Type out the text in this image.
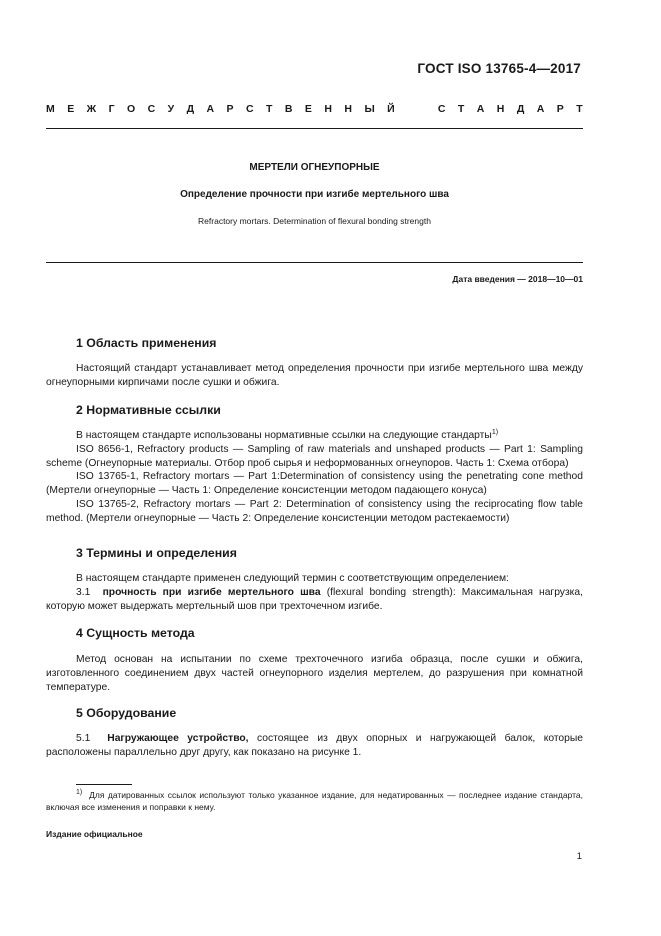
ГОСТ ISO 13765-4—2017
М Е Ж Г О С У Д А Р С Т В Е Н Н Ы Й

	С Т А Н Д А Р Т
МЕРТЕЛИ ОГНЕУПОРНЫЕ
Определение прочности при изгибе мертельного шва
Refractory mortars. Determination of flexural bonding strength
Дата введения — 2018—10—01
1 Область применения

Настоящий стандарт устанавливает метод определения прочности при изгибе мертельного шва между огнеупорными кирпичами после сушки и обжига.

2 Нормативные ссылки

В настоящем стандарте использованы нормативные ссылки на следующие стандарты$^{1)}$

ISO 8656-1, Refractory products — Sampling of raw materials and unshaped products — Part 1: Sampling scheme (Огнеупорные материалы. Отбор проб сырья и неформованных огнеупоров. Часть 1: Схема отбора)

ISO 13765-1, Refractory mortars — Part 1:Determination of consistency using the penetrating cone method (Мертели огнеупорные — Часть 1: Определение консистенции методом падающего конуса)

ISO 13765-2, Refractory mortars — Part 2: Determination of consistency using the reciprocating flow table method. (Мертели огнеупорные — Часть 2: Определение консистенции методом растекаемости)

3 Термины и определения

В настоящем стандарте применен следующий термин с соответствующим определением:

3.1 прочность при изгибе мертельного шва (flexural bonding strength): Максимальная нагрузка, которую может выдержать мертельный шов при трехточечном изгибе.

4 Сущность метода

Метод основан на испытании по схеме трехточечного изгиба образца, после сушки и обжига, изготовленного соединением двух частей огнеупорного изделия мертелем, до разрушения при комнатной температуре.

5 Оборудование

5.1 Нагружающее устройство, состоящее из двух опорных и нагружающей балок, которые расположены параллельно друг другу, как показано на рисунке 1.

$^{1)}$ Для датированных ссылок используют только указанное издание, для недатированных — последнее издание стандарта, включая все изменения и поправки к нему.

Издание официальное
1
